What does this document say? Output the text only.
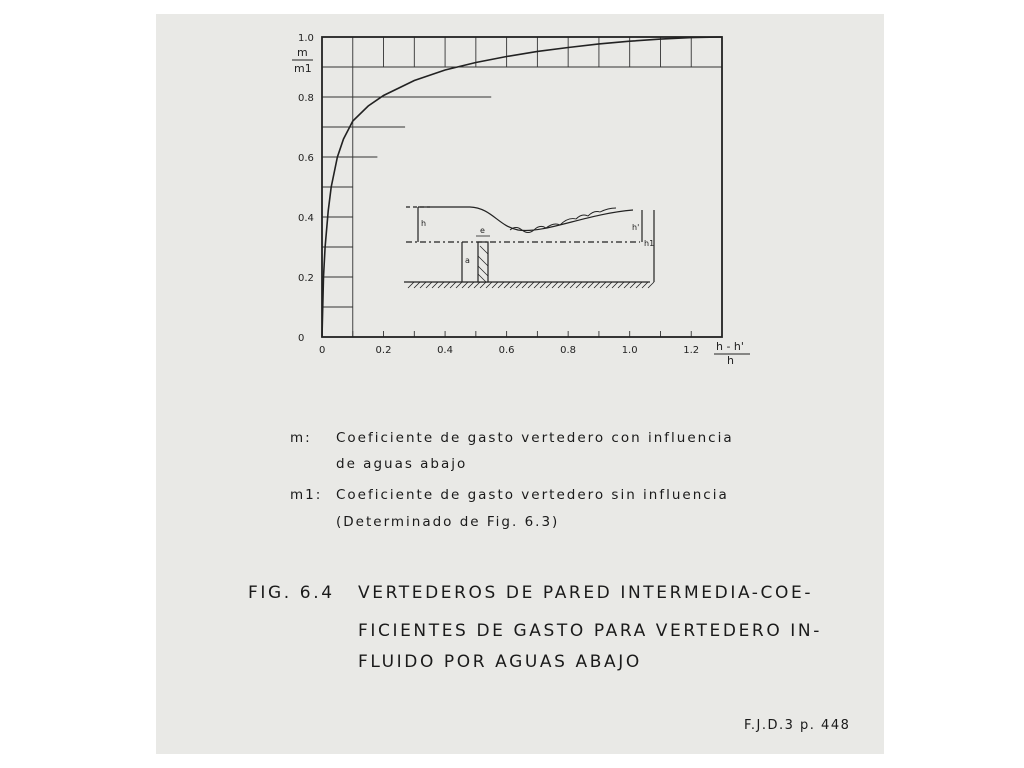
0	0.2	0.4	0.6	0.8	1.0	1.2
0
0.2
0.4
0.6
0.8
1.0
m
m1
h - h'
h
h	h'
h1
a
e
m: Coeficiente de gasto vertedero con influencia
de aguas abajo
m1: Coeficiente de gasto vertedero sin influencia
(Determinado de Fig. 6.3)
FIG. 6.4 VERTEDEROS DE PARED INTERMEDIA-COE-
FICIENTES DE GASTO PARA VERTEDERO IN-
FLUIDO POR AGUAS ABAJO
F.J.D.3 p. 448
